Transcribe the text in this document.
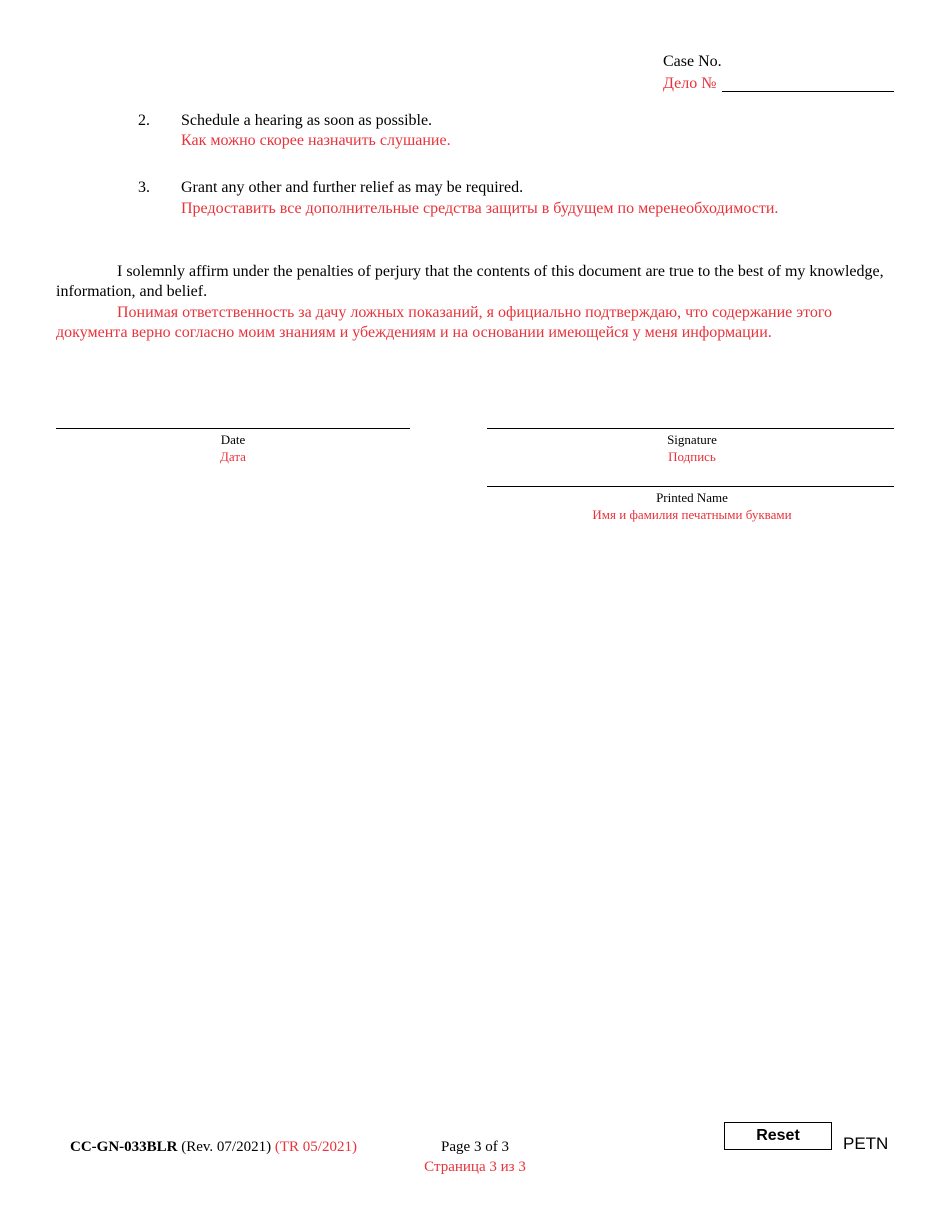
Case No.
Дело №
2. Schedule a hearing as soon as possible.
Как можно скорее назначить слушание.
3. Grant any other and further relief as may be required.
Предоставить все дополнительные средства защиты в будущем по меренеобходимости.

I solemnly affirm under the penalties of perjury that the contents of this document are true to the best of my knowledge, information, and belief.

Понимая ответственность за дачу ложных показаний, я официально подтверждаю, что содержание этого документа верно согласно моим знаниям и убеждениям и на основании имеющейся у меня информации.

Date
Дата
Signature
Подпись
Printed Name
Имя и фамилия печатными буквами
CC-GN-033BLR (Rev. 07/2021) (TR 05/2021)	Page 3 of 3
Страница 3 из 3
Reset	PETN
